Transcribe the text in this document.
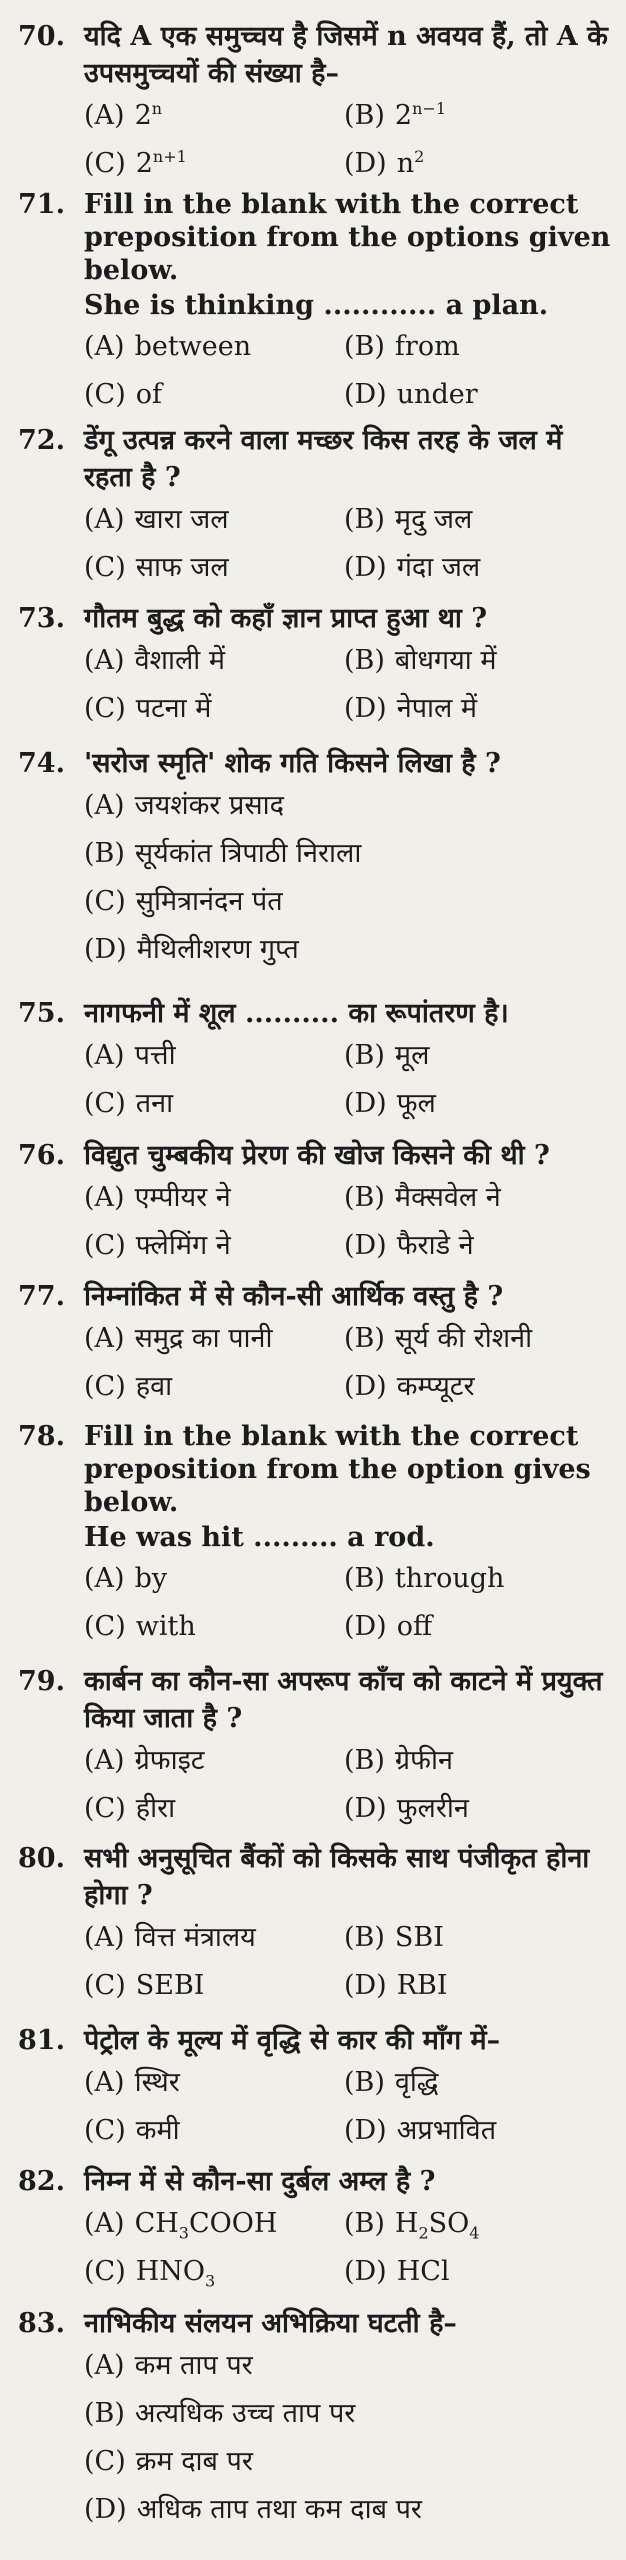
70. यदि A एक समुच्चय है जिसमें n अवयव हैं, तो A के उपसमुच्चयों की संख्या है–
(A) 2$^n$	(B) $2^{n-1}$
(C) $2^{n+1}$	(D) $n^2$
71. Fill in the blank with the correct preposition from the options given below.
She is thinking ............ a plan.
(A) between	(B) from
(C) of	(D) under
72. डेंगू उत्पन्न करने वाला मच्छर किस तरह के जल में रहता है ?
(A) खारा जल	(B) मृदु जल
(C) साफ जल	(D) गंदा जल
73. गौतम बुद्ध को कहाँ ज्ञान प्राप्त हुआ था ?
(A) वैशाली में	(B) बोधगया में
(C) पटना में	(D) नेपाल में
74. 'सरोज स्मृति' शोक गति किसने लिखा है ?
(A) जयशंकर प्रसाद
(B) सूर्यकांत त्रिपाठी निराला
(C) सुमित्रानंदन पंत
(D) मैथिलीशरण गुप्त
75. नागफनी में शूल .......... का रूपांतरण है।
(A) पत्ती	(B) मूल
(C) तना	(D) फूल
76. विद्युत चुम्बकीय प्रेरण की खोज किसने की थी ?
(A) एम्पीयर ने	(B) मैक्सवेल ने
(C) फ्लेमिंग ने	(D) फैराडे ने
77. निम्नांकित में से कौन-सी आर्थिक वस्तु है ?
(A) समुद्र का पानी	(B) सूर्य की रोशनी
(C) हवा	(D) कम्प्यूटर
78. Fill in the blank with the correct preposition from the option gives below.
He was hit ......... a rod.
(A) by	(B) through
(C) with	(D) off
79. कार्बन का कौन-सा अपरूप काँच को काटने में प्रयुक्त किया जाता है ?
(A) ग्रेफाइट	(B) ग्रेफीन
(C) हीरा	(D) फुलरीन
80. सभी अनुसूचित बैंकों को किसके साथ पंजीकृत होना होगा ?
(A) वित्त मंत्रालय	(B) SBI
(C) SEBI	(D) RBI
81. पेट्रोल के मूल्य में वृद्धि से कार की माँग में–
(A) स्थिर	(B) वृद्धि
(C) कमी	(D) अप्रभावित
82. निम्न में से कौन-सा दुर्बल अम्ल है ?
(A) $CH_3COOH$	(B) $H_2SO_4$
(C) $HNO_3$	(D) HCl
83. नाभिकीय संलयन अभिक्रिया घटती है–
(A) कम ताप पर
(B) अत्यधिक उच्च ताप पर
(C) क्रम दाब पर
(D) अधिक ताप तथा कम दाब पर
